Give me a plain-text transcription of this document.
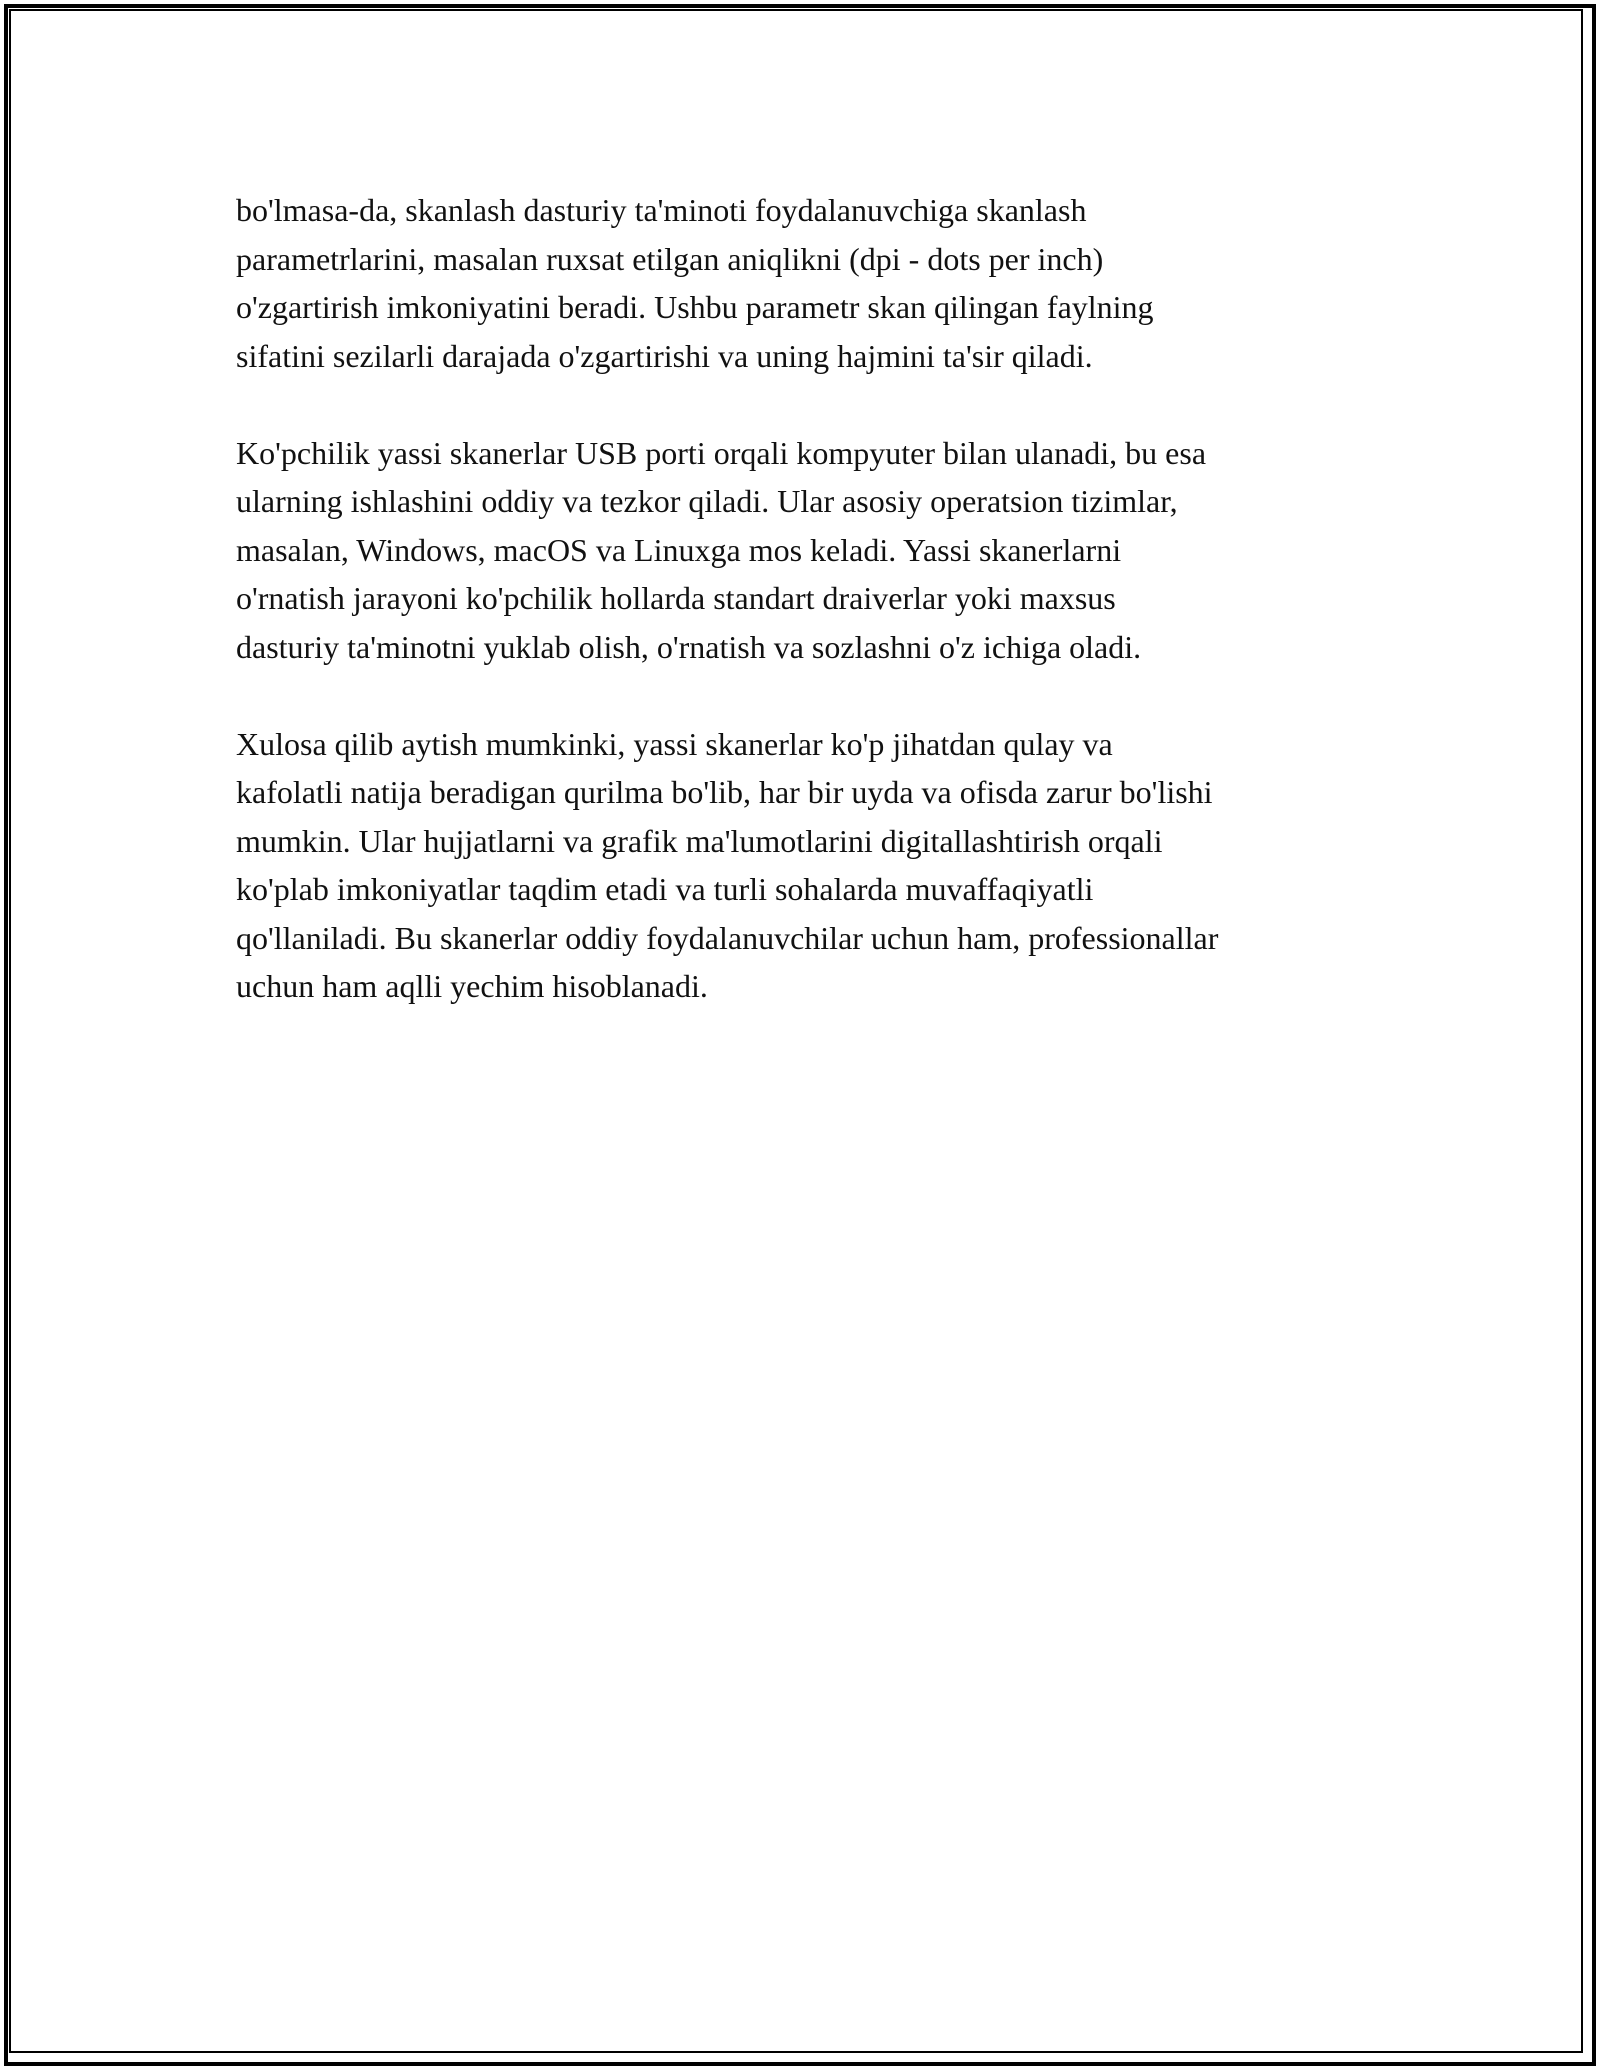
bo'lmasa-da, skanlash dasturiy ta'minoti foydalanuvchiga skanlash
parametrlarini, masalan ruxsat etilgan aniqlikni (dpi - dots per inch)
o'zgartirish imkoniyatini beradi. Ushbu parametr skan qilingan faylning
sifatini sezilarli darajada o'zgartirishi va uning hajmini ta'sir qiladi.

Ko'pchilik yassi skanerlar USB porti orqali kompyuter bilan ulanadi, bu esa
ularning ishlashini oddiy va tezkor qiladi. Ular asosiy operatsion tizimlar,
masalan, Windows, macOS va Linuxga mos keladi. Yassi skanerlarni
o'rnatish jarayoni ko'pchilik hollarda standart draiverlar yoki maxsus
dasturiy ta'minotni yuklab olish, o'rnatish va sozlashni o'z ichiga oladi.

Xulosa qilib aytish mumkinki, yassi skanerlar ko'p jihatdan qulay va
kafolatli natija beradigan qurilma bo'lib, har bir uyda va ofisda zarur bo'lishi
mumkin. Ular hujjatlarni va grafik ma'lumotlarini digitallashtirish orqali
ko'plab imkoniyatlar taqdim etadi va turli sohalarda muvaffaqiyatli
qo'llaniladi. Bu skanerlar oddiy foydalanuvchilar uchun ham, professionallar
uchun ham aqlli yechim hisoblanadi.
